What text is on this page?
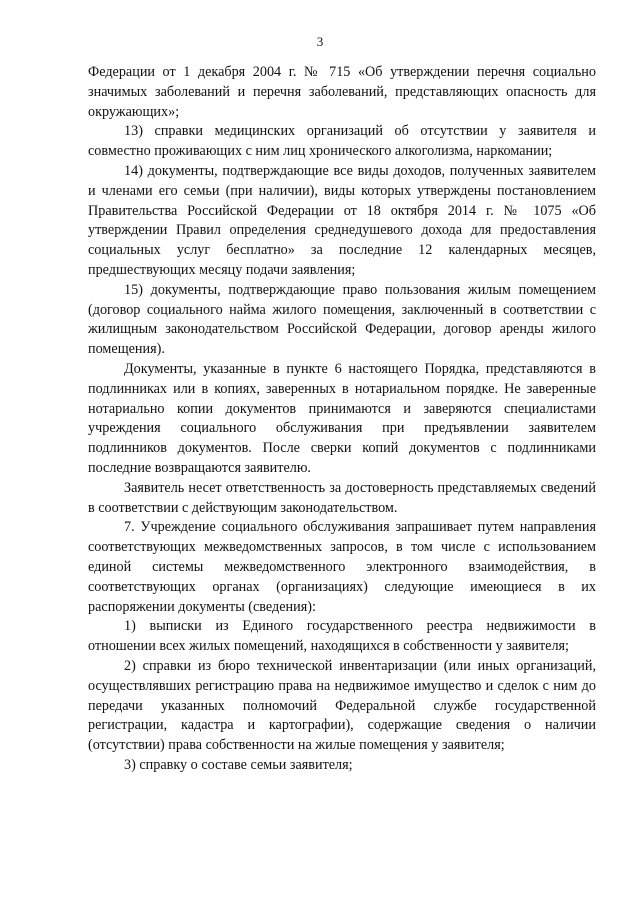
3

Федерации от 1 декабря 2004 г. № 715 «Об утверждении перечня социально значимых заболеваний и перечня заболеваний, представляющих опасность для окружающих»;

13) справки медицинских организаций об отсутствии у заявителя и совместно проживающих с ним лиц хронического алкоголизма, наркомании;

14) документы, подтверждающие все виды доходов, полученных заявителем и членами его семьи (при наличии), виды которых утверждены постановлением Правительства Российской Федерации от 18 октября 2014 г. № 1075 «Об утверждении Правил определения среднедушевого дохода для предоставления социальных услуг бесплатно» за последние 12 календарных месяцев, предшествующих месяцу подачи заявления;

15) документы, подтверждающие право пользования жилым помещением (договор социального найма жилого помещения, заключенный в соответствии с жилищным законодательством Российской Федерации, договор аренды жилого помещения).

Документы, указанные в пункте 6 настоящего Порядка, представляются в подлинниках или в копиях, заверенных в нотариальном порядке. Не заверенные нотариально копии документов принимаются и заверяются специалистами учреждения социального обслуживания при предъявлении заявителем подлинников документов. После сверки копий документов с подлинниками последние возвращаются заявителю.

Заявитель несет ответственность за достоверность представляемых сведений в соответствии с действующим законодательством.

7. Учреждение социального обслуживания запрашивает путем направления соответствующих межведомственных запросов, в том числе с использованием единой системы межведомственного электронного взаимодействия, в соответствующих органах (организациях) следующие имеющиеся в их распоряжении документы (сведения):

1) выписки из Единого государственного реестра недвижимости в отношении всех жилых помещений, находящихся в собственности у заявителя;

2) справки из бюро технической инвентаризации (или иных организаций, осуществлявших регистрацию права на недвижимое имущество и сделок с ним до передачи указанных полномочий Федеральной службе государственной регистрации, кадастра и картографии), содержащие сведения о наличии (отсутствии) права собственности на жилые помещения у заявителя;

3) справку о составе семьи заявителя;
